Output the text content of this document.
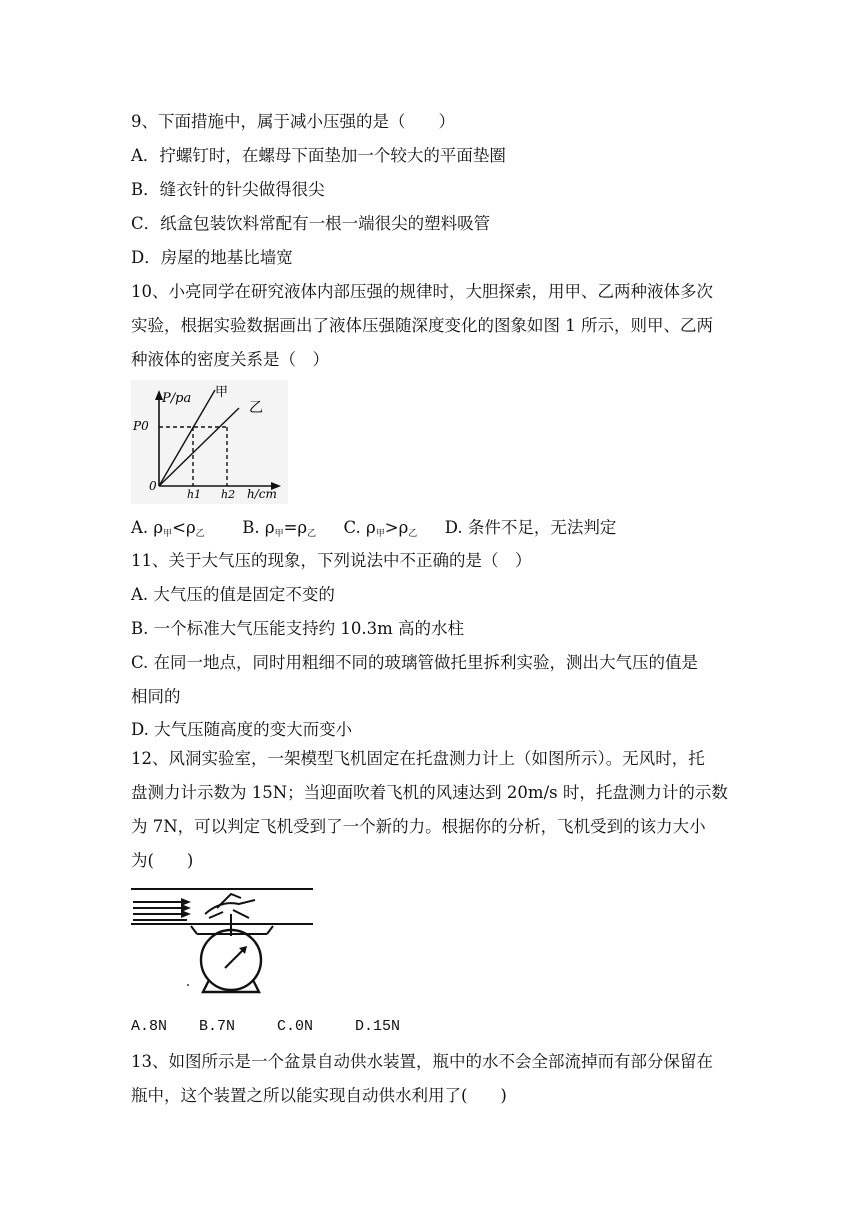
9、下面措施中，属于减小压强的是（　　）
A．拧螺钉时，在螺母下面垫加一个较大的平面垫圈
B．缝衣针的针尖做得很尖
C．纸盒包装饮料常配有一根一端很尖的塑料吸管
D．房屋的地基比墙宽
10、小亮同学在研究液体内部压强的规律时，大胆探索，用甲、乙两种液体多次
实验，根据实验数据画出了液体压强随深度变化的图象如图 1 所示，则甲、乙两
种液体的密度关系是（　）
P/pa
P0
0
h1 h2 h/cm
甲
乙
A. $\rho_甲<\rho_乙$ B. $\rho_甲=\rho_乙$ C. $\rho_甲>\rho_乙$ D. 条件不足，无法判定
11、关于大气压的现象，下列说法中不正确的是（　）
A. 大气压的值是固定不变的
B. 一个标准大气压能支持约 10.3m 高的水柱
C. 在同一地点，同时用粗细不同的玻璃管做托里拆利实验，测出大气压的值是
相同的
D. 大气压随高度的变大而变小
12、风洞实验室，一架模型飞机固定在托盘测力计上（如图所示）。无风时，托
盘测力计示数为 15N；当迎面吹着飞机的风速达到 20m/s 时，托盘测力计的示数
为 7N，可以判定飞机受到了一个新的力。根据你的分析，飞机受到的该力大小
为(　　)
A.8N B.7N	C.0N	D.15N
13、如图所示是一个盆景自动供水装置，瓶中的水不会全部流掉而有部分保留在
瓶中，这个装置之所以能实现自动供水利用了(　　)
